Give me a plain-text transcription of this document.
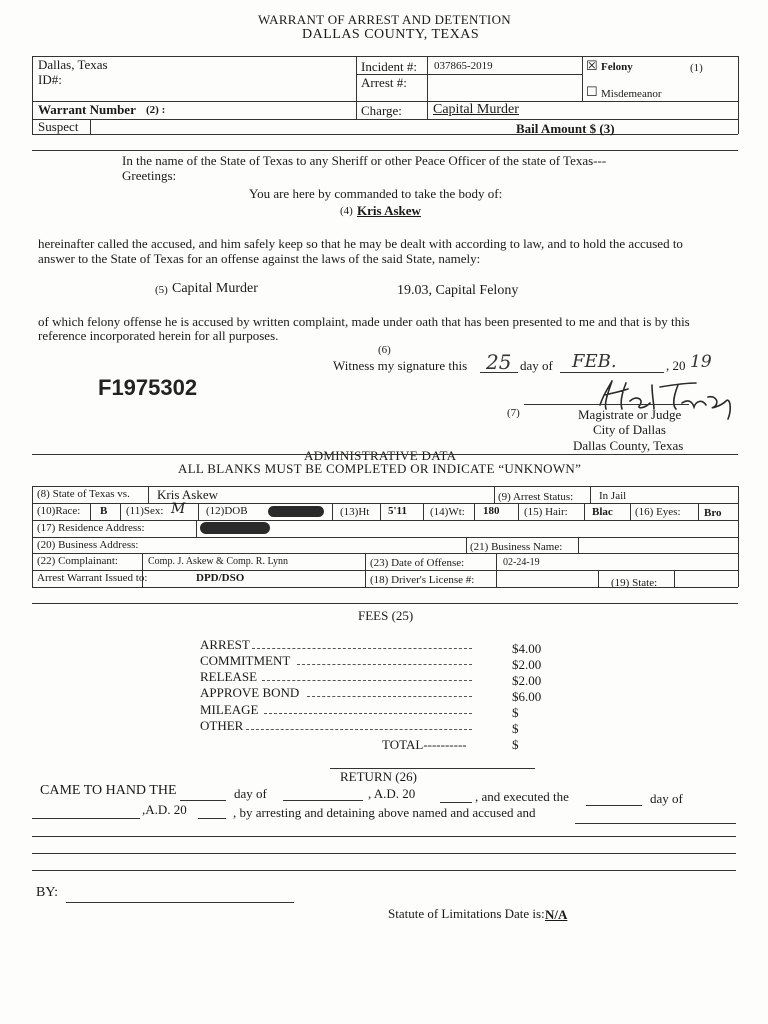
WARRANT OF ARREST AND DETENTION
DALLAS COUNTY, TEXAS
Dallas, Texas
ID#:
Warrant Number (2) :
Suspect
Incident #: 037865-2019
Arrest #:
Charge: Capital Murder
☒ Felony	(1)
☐ Misdemeanor
Bail Amount $ (3)
In the name of the State of Texas to any Sheriff or other Peace Officer of the state of Texas---
Greetings:
You are here by commanded to take the body of:
(4) Kris Askew
hereinafter called the accused, and him safely keep so that he may be dealt with according to law, and to hold the accused to
answer to the State of Texas for an offense against the laws of the said State, namely:
(5) Capital Murder	19.03, Capital Felony
of which felony offense he is accused by written complaint, made under oath that has been presented to me and that is by this
reference incorporated herein for all purposes.
(6)
Witness my signature this 25 day of FEB.	, 20 19
F1975302
(7)	Magistrate or Judge
City of Dallas
Dallas County, Texas
ADMINISTRATIVE DATA
ALL BLANKS MUST BE COMPLETED OR INDICATE “UNKNOWN”
(8) State of Texas vs. Kris Askew	(9) Arrest Status: In Jail
(10)Race: B (11)Sex: M (12)DOB	(13)Ht 5'11 (14)Wt: 180 (15) Hair: Blac (16) Eyes: Bro
(17) Residence Address:
(20) Business Address:	(21) Business Name:
(22) Complainant:	Comp. J. Askew & Comp. R. Lynn	(23) Date of Offense:	02-24-19
Arrest Warrant Issued to:	DPD/DSO	(18) Driver's License #:	(19) State:
FEES (25)
ARREST	$4.00
COMMITMENT	$2.00
RELEASE	$2.00
APPROVE BOND	$6.00
MILEAGE	$
OTHER	$
TOTAL----------	$
RETURN (26)
CAME TO HAND THE	day of	, A.D. 20	, and executed the	day of
,A.D. 20	, by arresting and detaining above named and accused and
BY:
Statute of Limitations Date is: N/A
